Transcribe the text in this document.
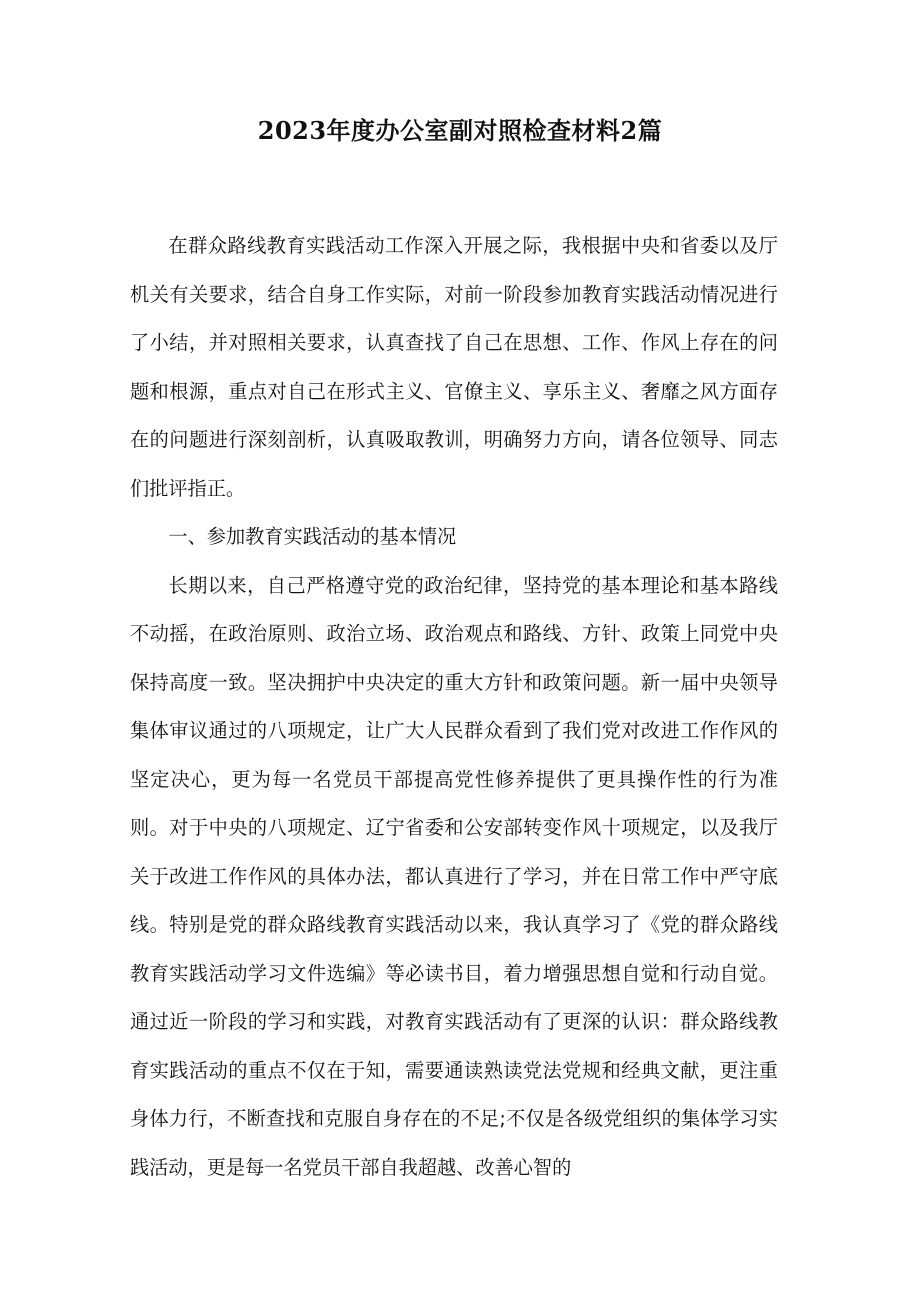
2023年度办公室副对照检查材料2篇

在群众路线教育实践活动工作深入开展之际，我根据中央和省委以及厅机关有关要求，结合自身工作实际，对前一阶段参加教育实践活动情况进行了小结，并对照相关要求，认真查找了自己在思想、工作、作风上存在的问题和根源，重点对自己在形式主义、官僚主义、享乐主义、奢靡之风方面存在的问题进行深刻剖析，认真吸取教训，明确努力方向，请各位领导、同志们批评指正。

一、参加教育实践活动的基本情况

长期以来，自己严格遵守党的政治纪律，坚持党的基本理论和基本路线不动摇，在政治原则、政治立场、政治观点和路线、方针、政策上同党中央保持高度一致。坚决拥护中央决定的重大方针和政策问题。新一届中央领导集体审议通过的八项规定，让广大人民群众看到了我们党对改进工作作风的坚定决心，更为每一名党员干部提高党性修养提供了更具操作性的行为准则。对于中央的八项规定、辽宁省委和公安部转变作风十项规定，以及我厅关于改进工作作风的具体办法，都认真进行了学习，并在日常工作中严守底线。特别是党的群众路线教育实践活动以来，我认真学习了《党的群众路线教育实践活动学习文件选编》等必读书目，着力增强思想自觉和行动自觉。通过近一阶段的学习和实践，对教育实践活动有了更深的认识：群众路线教育实践活动的重点不仅在于知，需要通读熟读党法党规和经典文献，更注重身体力行，不断查找和克服自身存在的不足;不仅是各级党组织的集体学习实践活动，更是每一名党员干部自我超越、改善心智的
